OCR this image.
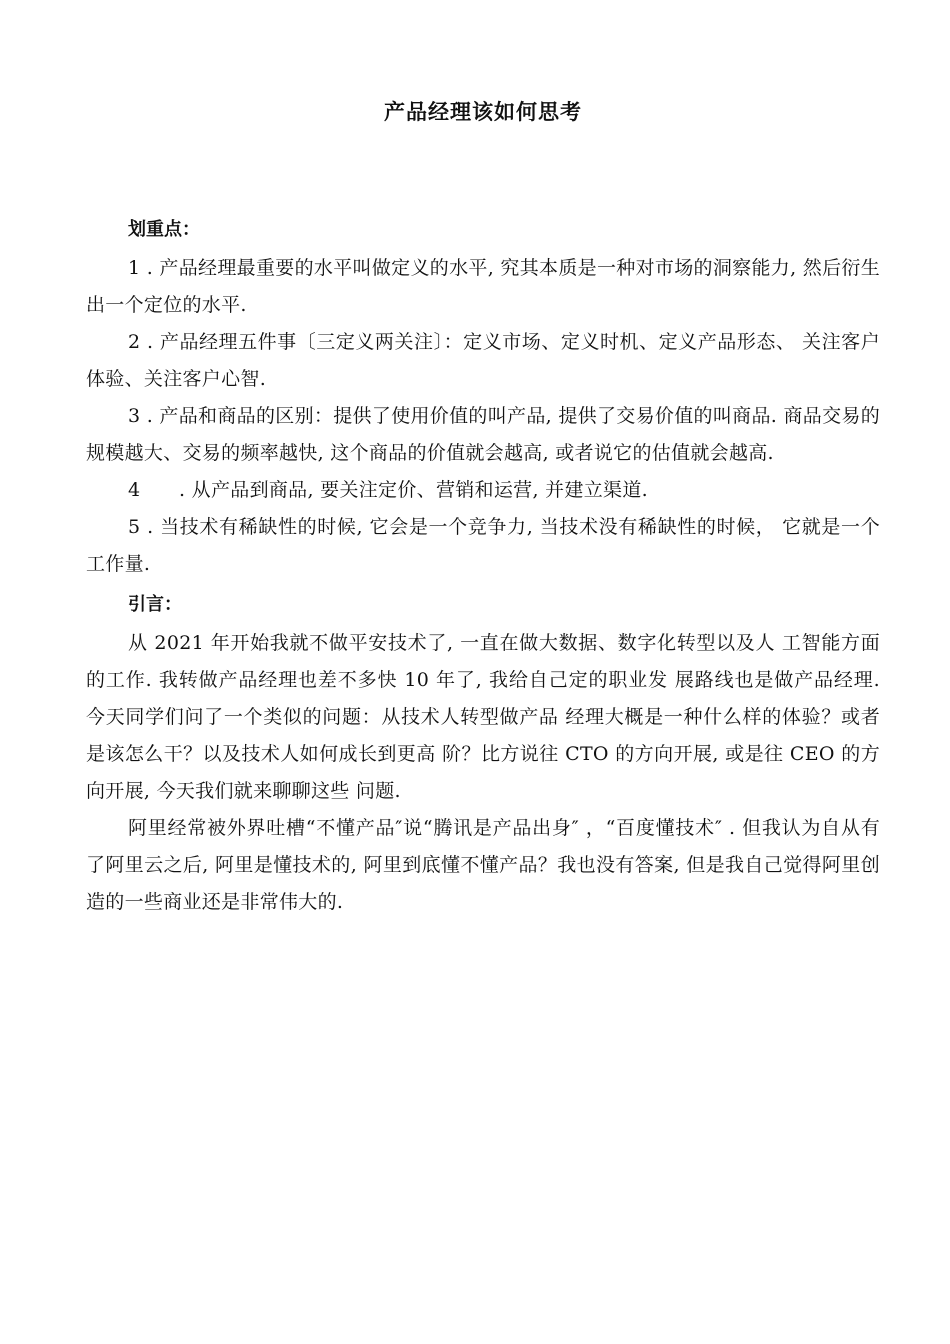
产品经理该如何思考

划重点：

1 . 产品经理最重要的水平叫做定义的水平, 究其本质是一种对市场的洞察能力, 然后衍生出一个定位的水平.

2 . 产品经理五件事〔三定义两关注〕：定义市场、定义时机、定义产品形态、 关注客户体验、关注客户心智.

3 . 产品和商品的区别：提供了使用价值的叫产品, 提供了交易价值的叫商品. 商品交易的规模越大、交易的频率越快, 这个商品的价值就会越高, 或者说它的估值就会越高.

4　　. 从产品到商品, 要关注定价、营销和运营, 并建立渠道.

5 . 当技术有稀缺性的时候, 它会是一个竞争力, 当技术没有稀缺性的时候， 它就是一个工作量.

引言：

从 2021 年开始我就不做平安技术了, 一直在做大数据、数字化转型以及人 工智能方面的工作. 我转做产品经理也差不多快 10 年了, 我给自己定的职业发 展路线也是做产品经理. 今天同学们问了一个类似的问题：从技术人转型做产品 经理大概是一种什么样的体验？或者是该怎么干？以及技术人如何成长到更高 阶？比方说往 CTO 的方向开展, 或是往 CEO 的方向开展, 今天我们就来聊聊这些 问题.

阿里经常被外界吐槽“不懂产品″说“腾讯是产品出身″ ，“百度懂技术″ . 但我认为自从有了阿里云之后, 阿里是懂技术的, 阿里到底懂不懂产品？我也没有答案, 但是我自己觉得阿里创造的一些商业还是非常伟大的.
